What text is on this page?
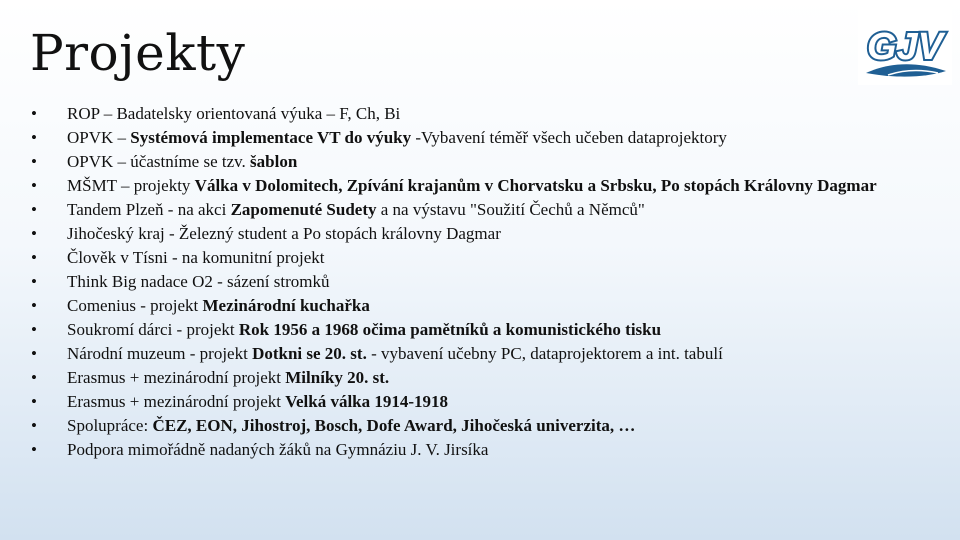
Projekty	GJV
• ROP – Badatelsky orientovaná výuka – F, Ch, Bi
• OPVK – Systémová implementace VT do výuky -Vybavení téměř všech učeben dataprojektory
• OPVK – účastníme se tzv. šablon
• MŠMT – projekty Válka v Dolomitech, Zpívání krajanům v Chorvatsku a Srbsku, Po stopách Královny Dagmar
• Tandem Plzeň - na akci Zapomenuté Sudety a na výstavu "Soužití Čechů a Němců"
• Jihočeský kraj - Železný student a Po stopách královny Dagmar
• Člověk v Tísni - na komunitní projekt
• Think Big nadace O2 - sázení stromků
• Comenius - projekt Mezinárodní kuchařka
• Soukromí dárci - projekt Rok 1956 a 1968 očima pamětníků a komunistického tisku
• Národní muzeum - projekt Dotkni se 20. st. - vybavení učebny PC, dataprojektorem a int. tabulí
• Erasmus + mezinárodní projekt Milníky 20. st.
• Erasmus + mezinárodní projekt Velká válka 1914-1918
• Spolupráce: ČEZ, EON, Jihostroj, Bosch, Dofe Award, Jihočeská univerzita, …
• Podpora mimořádně nadaných žáků na Gymnáziu J. V. Jirsíka
